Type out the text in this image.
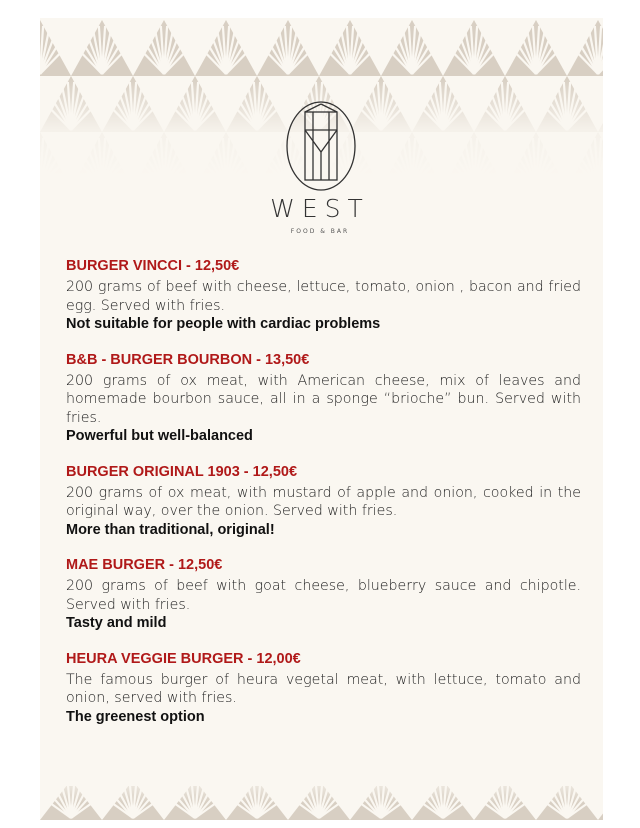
WEST
FOOD & BAR
BURGER VINCCI - 12,50€
200 grams of beef with cheese, lettuce, tomato, onion , bacon and fried egg. Served with fries.
Not suitable for people with cardiac problems
B&B - BURGER BOURBON - 13,50€
200 grams of ox meat, with American cheese, mix of leaves and homemade bourbon sauce, all in a sponge “brioche” bun. Served with fries.
Powerful but well-balanced
BURGER ORIGINAL 1903 - 12,50€
200 grams of ox meat, with mustard of apple and onion, cooked in the original way, over the onion. Served with fries.
More than traditional, original!
MAE BURGER - 12,50€
200 grams of beef with goat cheese, blueberry sauce and chipotle. Served with fries.
Tasty and mild
HEURA VEGGIE BURGER - 12,00€
The famous burger of heura vegetal meat, with lettuce, tomato and onion, served with fries.
The greenest option
